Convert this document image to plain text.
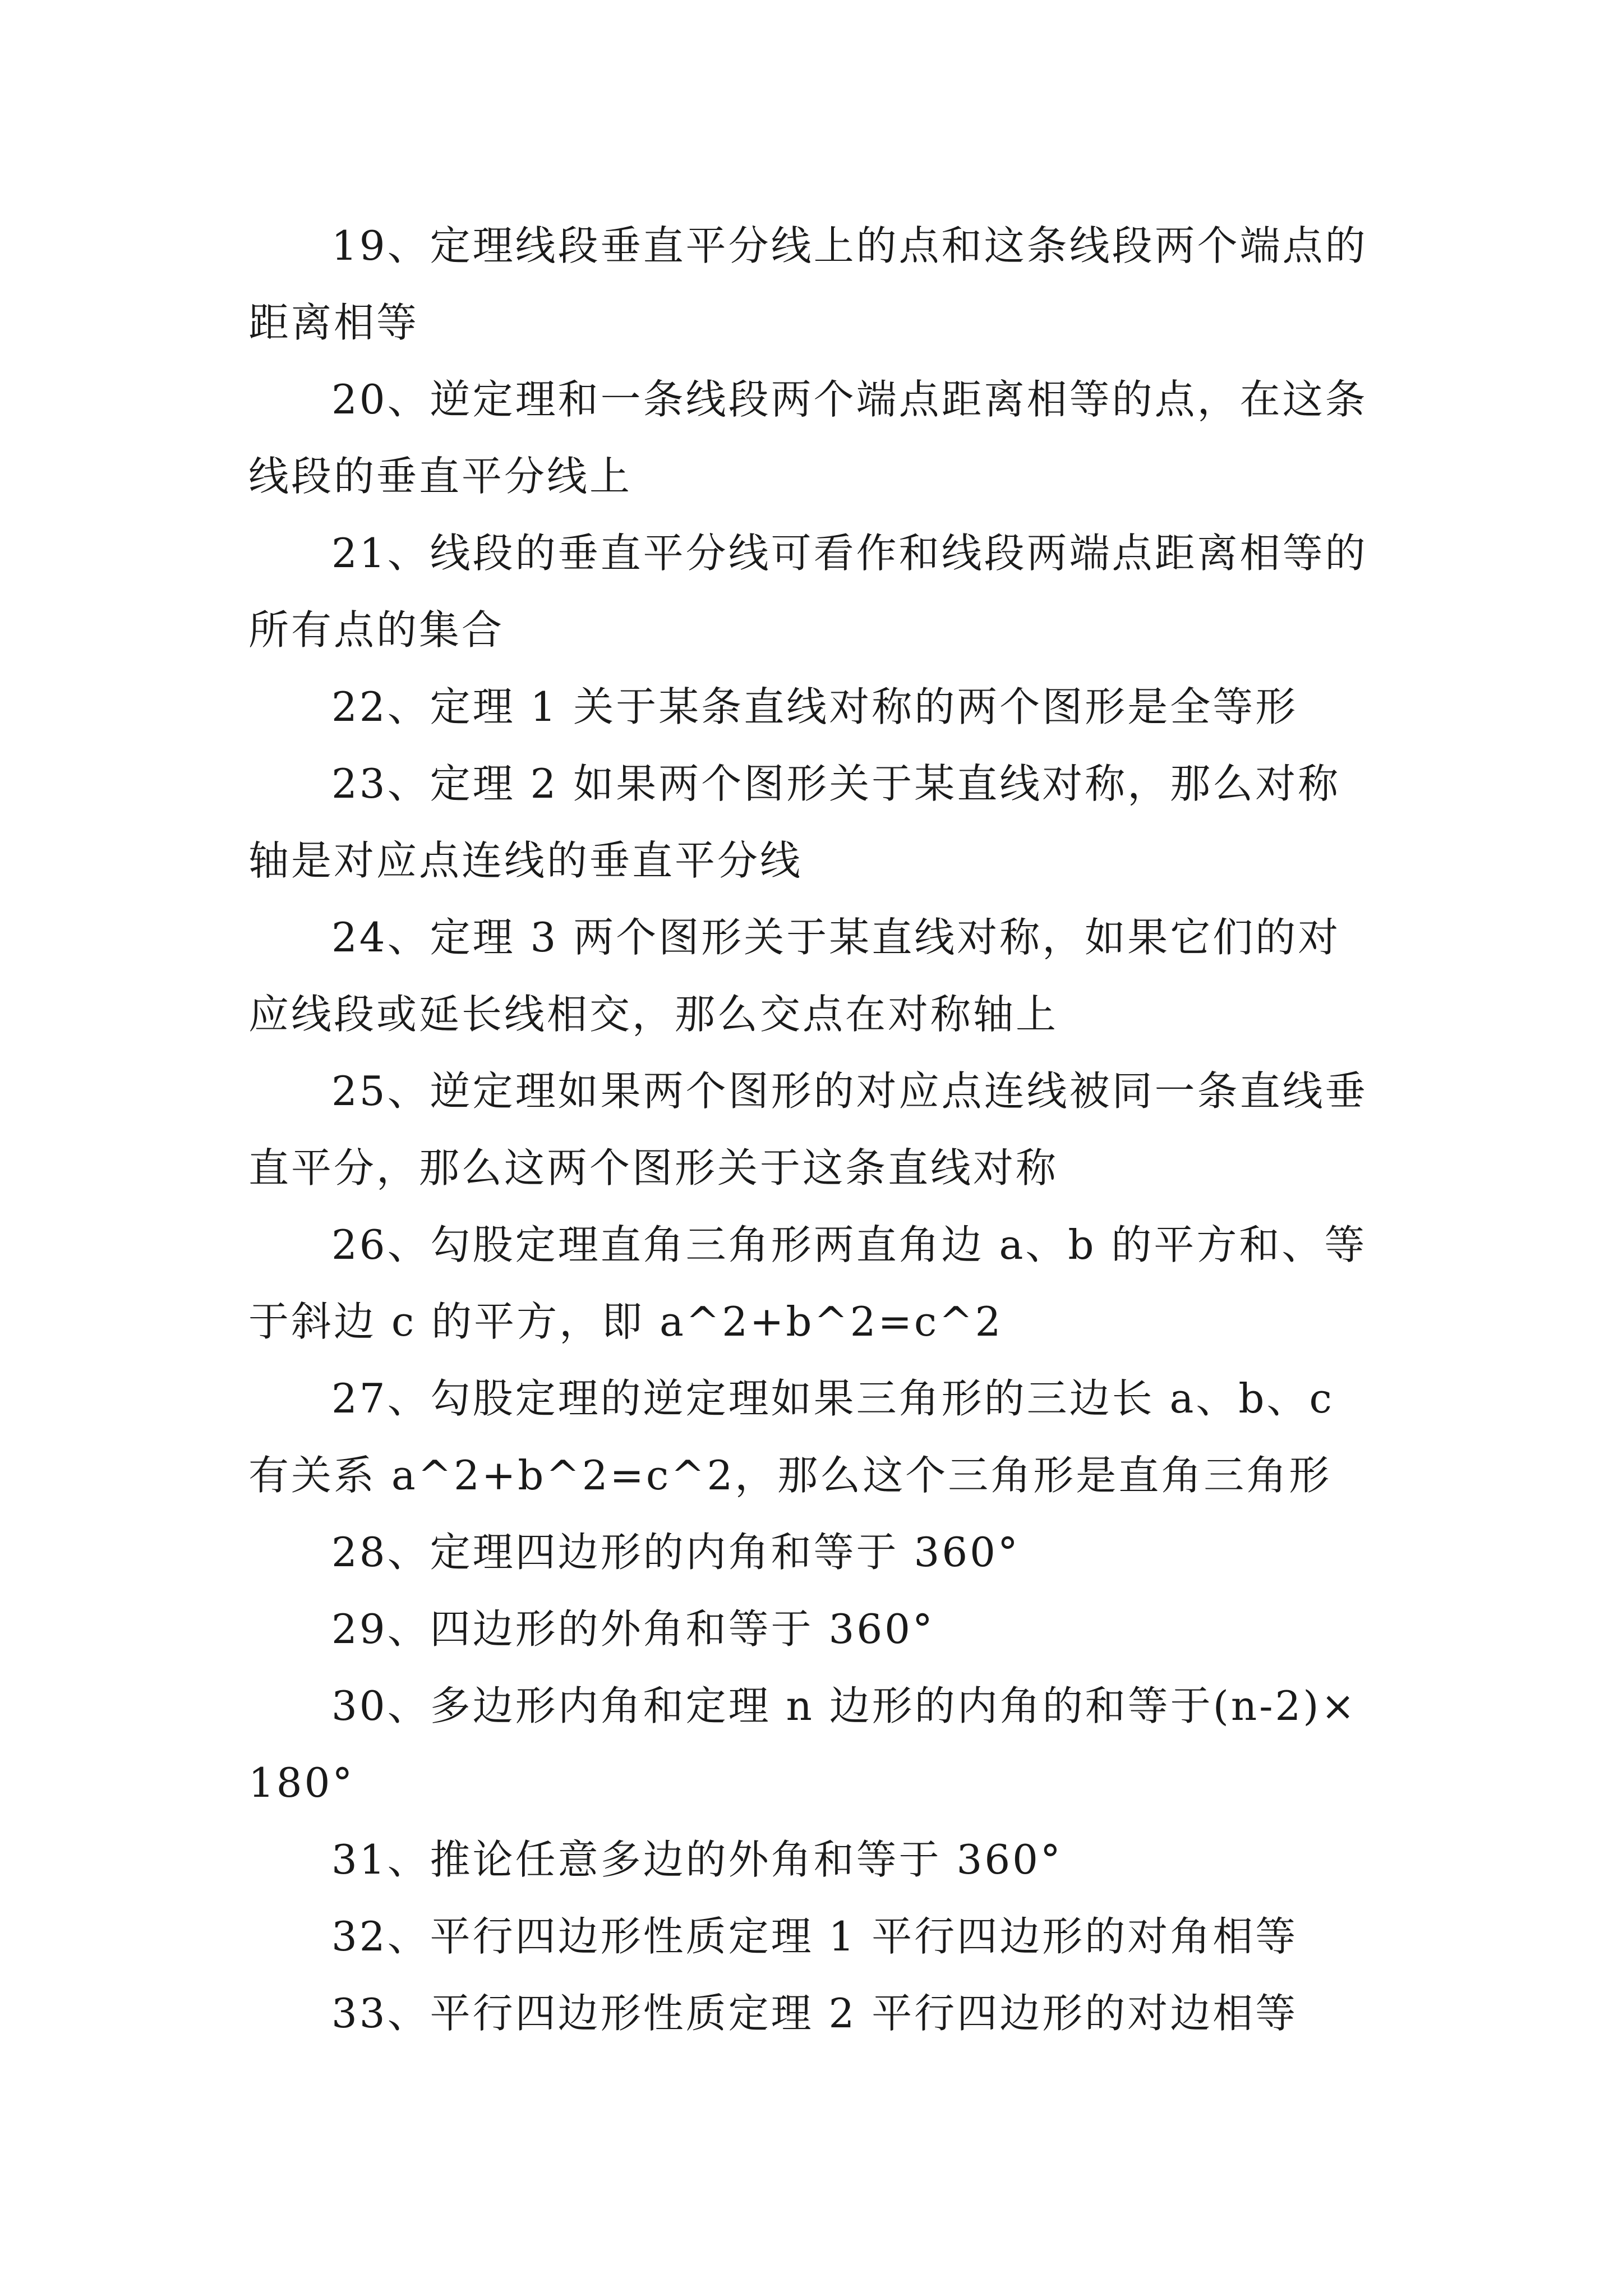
19、定理线段垂直平分线上的点和这条线段两个端点的距离相等

20、逆定理和一条线段两个端点距离相等的点，在这条线段的垂直平分线上

21、线段的垂直平分线可看作和线段两端点距离相等的所有点的集合

22、定理 1 关于某条直线对称的两个图形是全等形

23、定理 2 如果两个图形关于某直线对称，那么对称轴是对应点连线的垂直平分线

24、定理 3 两个图形关于某直线对称，如果它们的对应线段或延长线相交，那么交点在对称轴上

25、逆定理如果两个图形的对应点连线被同一条直线垂直平分，那么这两个图形关于这条直线对称

26、勾股定理直角三角形两直角边 a、b 的平方和、等于斜边 c 的平方，即 a^2+b^2=c^2

27、勾股定理的逆定理如果三角形的三边长 a、b、c 有关系 a^2+b^2=c^2，那么这个三角形是直角三角形

28、定理四边形的内角和等于 360°

29、四边形的外角和等于 360°

30、多边形内角和定理 n 边形的内角的和等于(n-2)×180°

31、推论任意多边的外角和等于 360°

32、平行四边形性质定理 1 平行四边形的对角相等

33、平行四边形性质定理 2 平行四边形的对边相等
